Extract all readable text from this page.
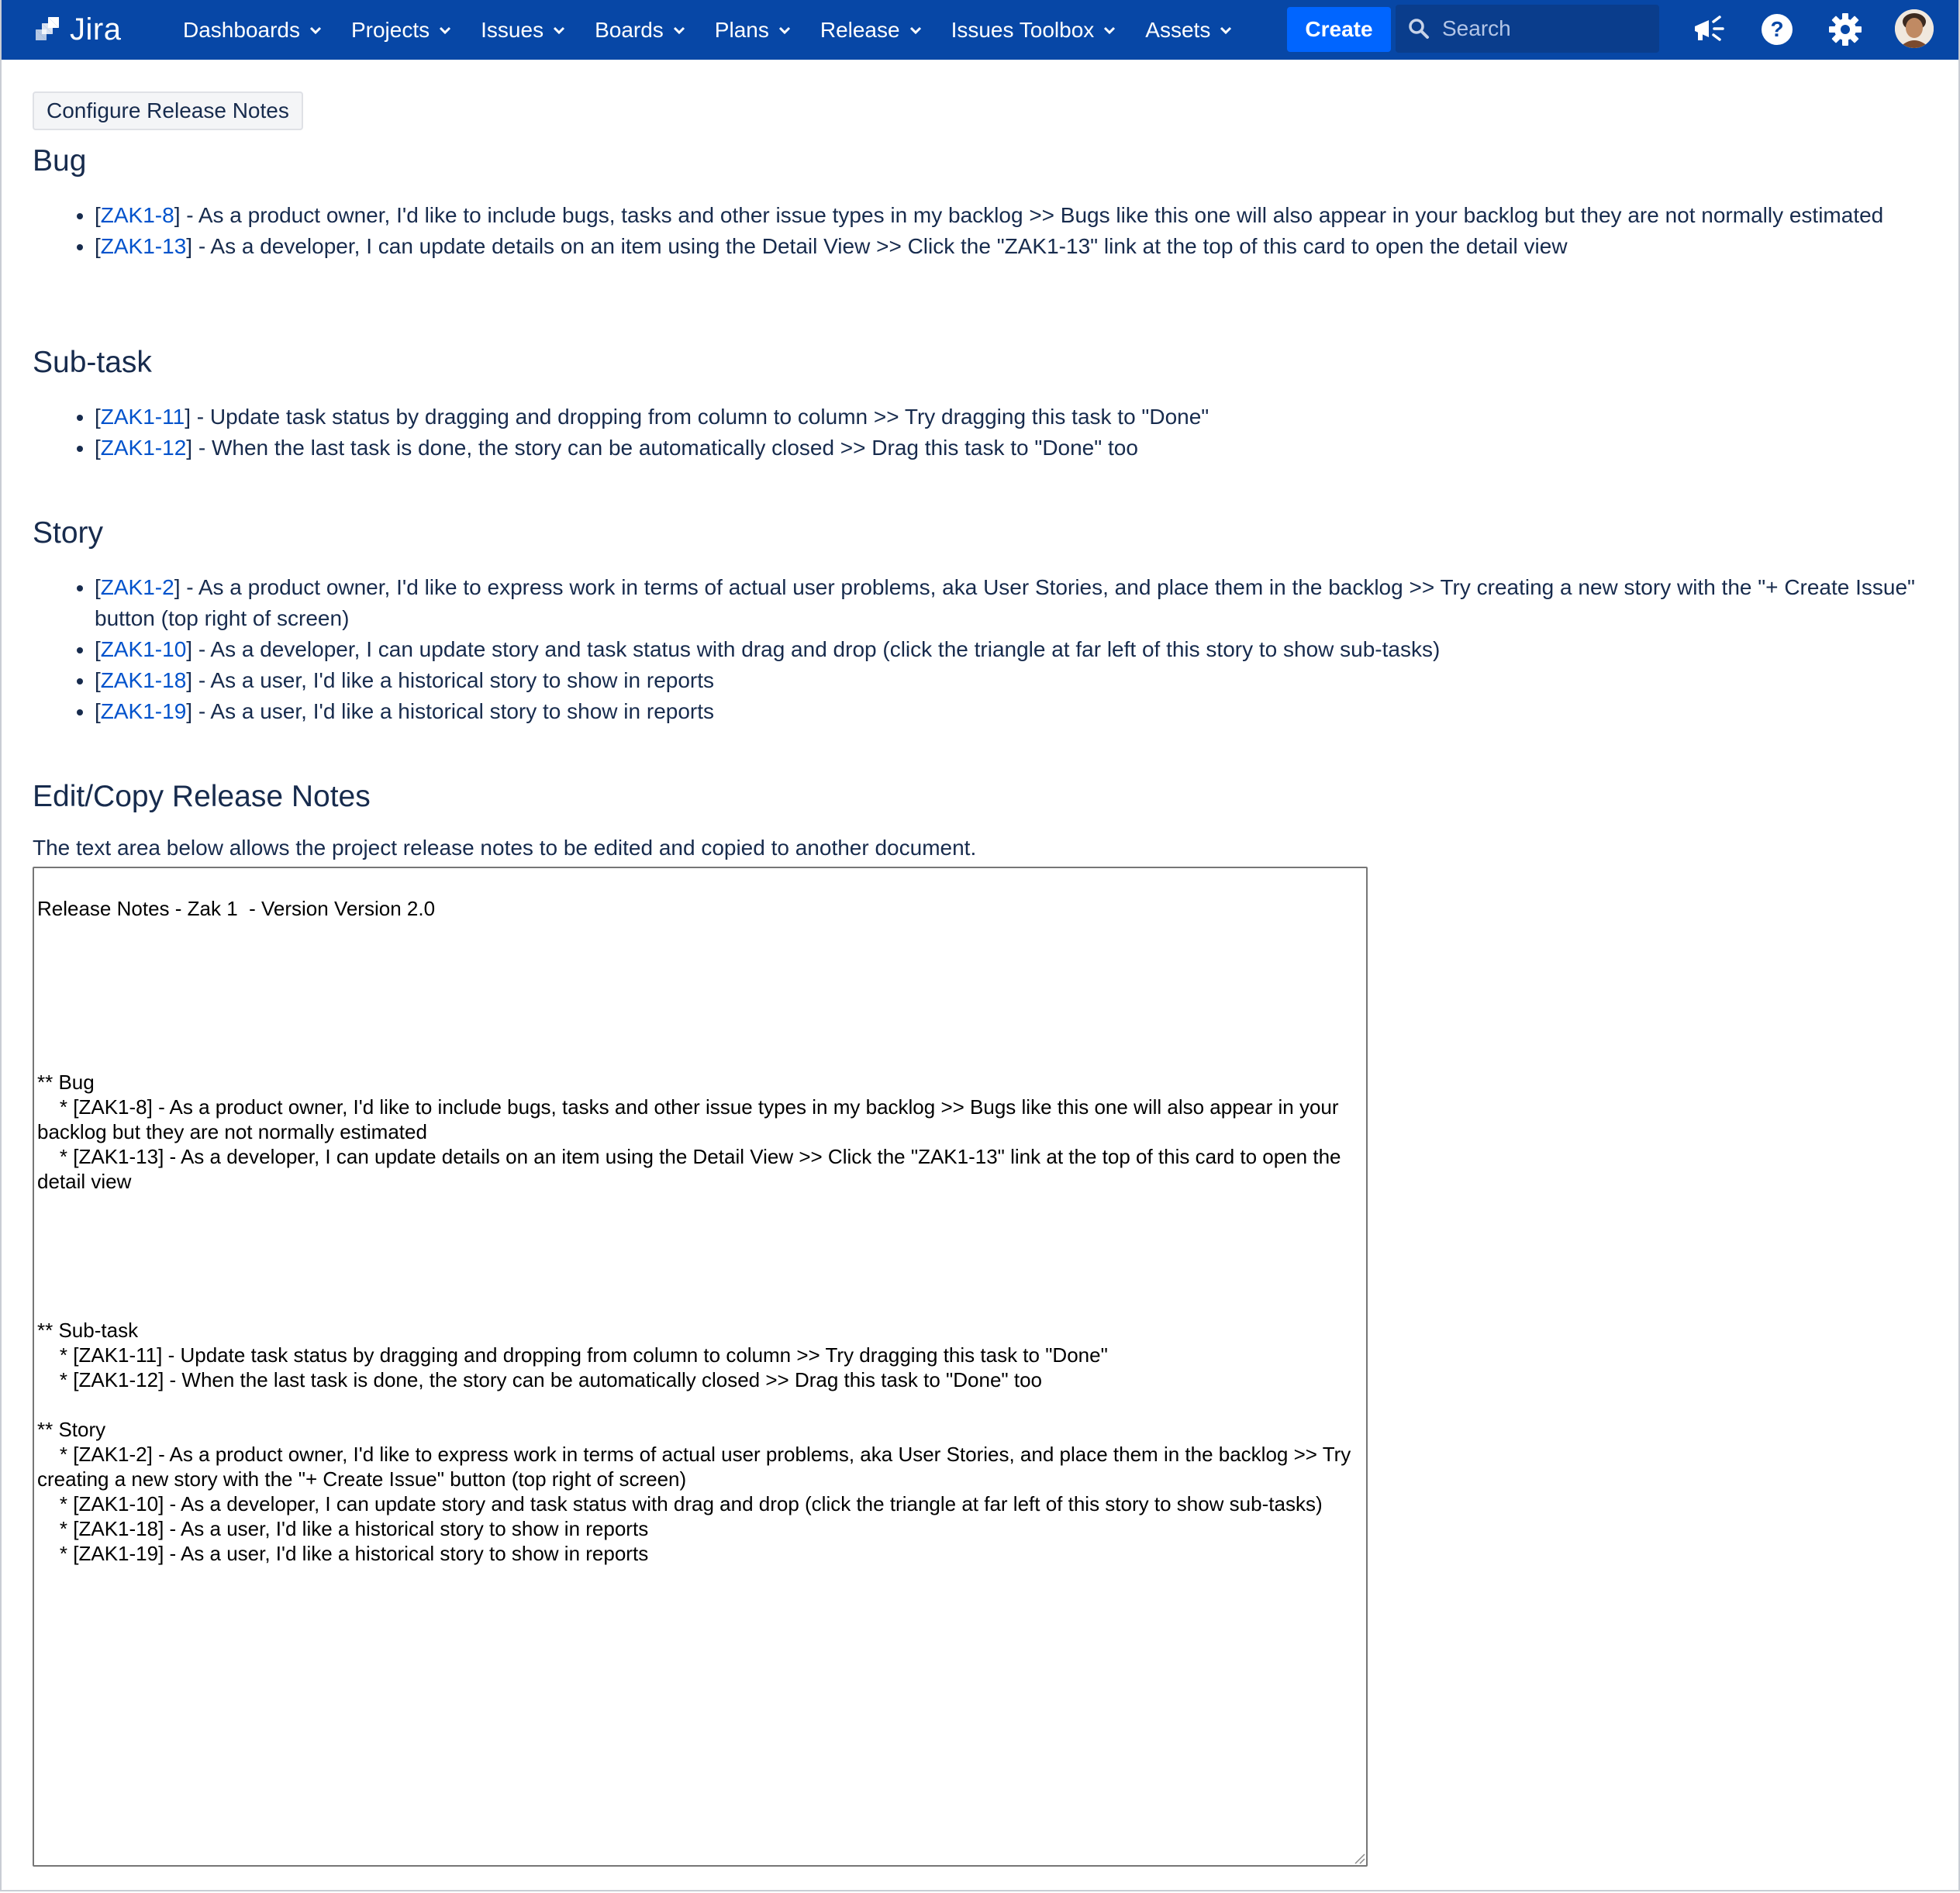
Jira	Dashboards Projects Issues Boards Plans Release Issues Toolbox Assets	Create
Search	?
Configure Release Notes
Bug
• [ZAK1-8] - As a product owner, I'd like to include bugs, tasks and other issue types in my backlog >> Bugs like this one will also appear in your backlog but they are not normally estimated
• [ZAK1-13] - As a developer, I can update details on an item using the Detail View >> Click the "ZAK1-13" link at the top of this card to open the detail view
Sub-task
• [ZAK1-11] - Update task status by dragging and dropping from column to column >> Try dragging this task to "Done"
• [ZAK1-12] - When the last task is done, the story can be automatically closed >> Drag this task to "Done" too
Story
• [ZAK1-2] - As a product owner, I'd like to express work in terms of actual user problems, aka User Stories, and place them in the backlog >> Try creating a new story with the "+ Create Issue" button (top right of screen)
• [ZAK1-10] - As a developer, I can update story and task status with drag and drop (click the triangle at far left of this story to show sub-tasks)
• [ZAK1-18] - As a user, I'd like a historical story to show in reports
• [ZAK1-19] - As a user, I'd like a historical story to show in reports
Edit/Copy Release Notes
The text area below allows the project release notes to be edited and copied to another document.
Release Notes - Zak 1 - Version Version 2.0 ** Bug * [ZAK1-8] - As a product owner, I'd like to include bugs, tasks and other issue types in my backlog >> Bugs like this one will also appear in your backlog but they are not normally estimated * [ZAK1-13] - As a developer, I can update details on an item using the Detail View >> Click the "ZAK1-13" link at the top of this card to open the detail view ** Sub-task * [ZAK1-11] - Update task status by dragging and dropping from column to column >> Try dragging this task to "Done" * [ZAK1-12] - When the last task is done, the story can be automatically closed >> Drag this task to "Done" too ** Story * [ZAK1-2] - As a product owner, I'd like to express work in terms of actual user problems, aka User Stories, and place them in the backlog >> Try creating a new story with the "+ Create Issue" button (top right of screen) * [ZAK1-10] - As a developer, I can update story and task status with drag and drop (click the triangle at far left of this story to show sub-tasks) * [ZAK1-18] - As a user, I'd like a historical story to show in reports * [ZAK1-19] - As a user, I'd like a historical story to show in reports
